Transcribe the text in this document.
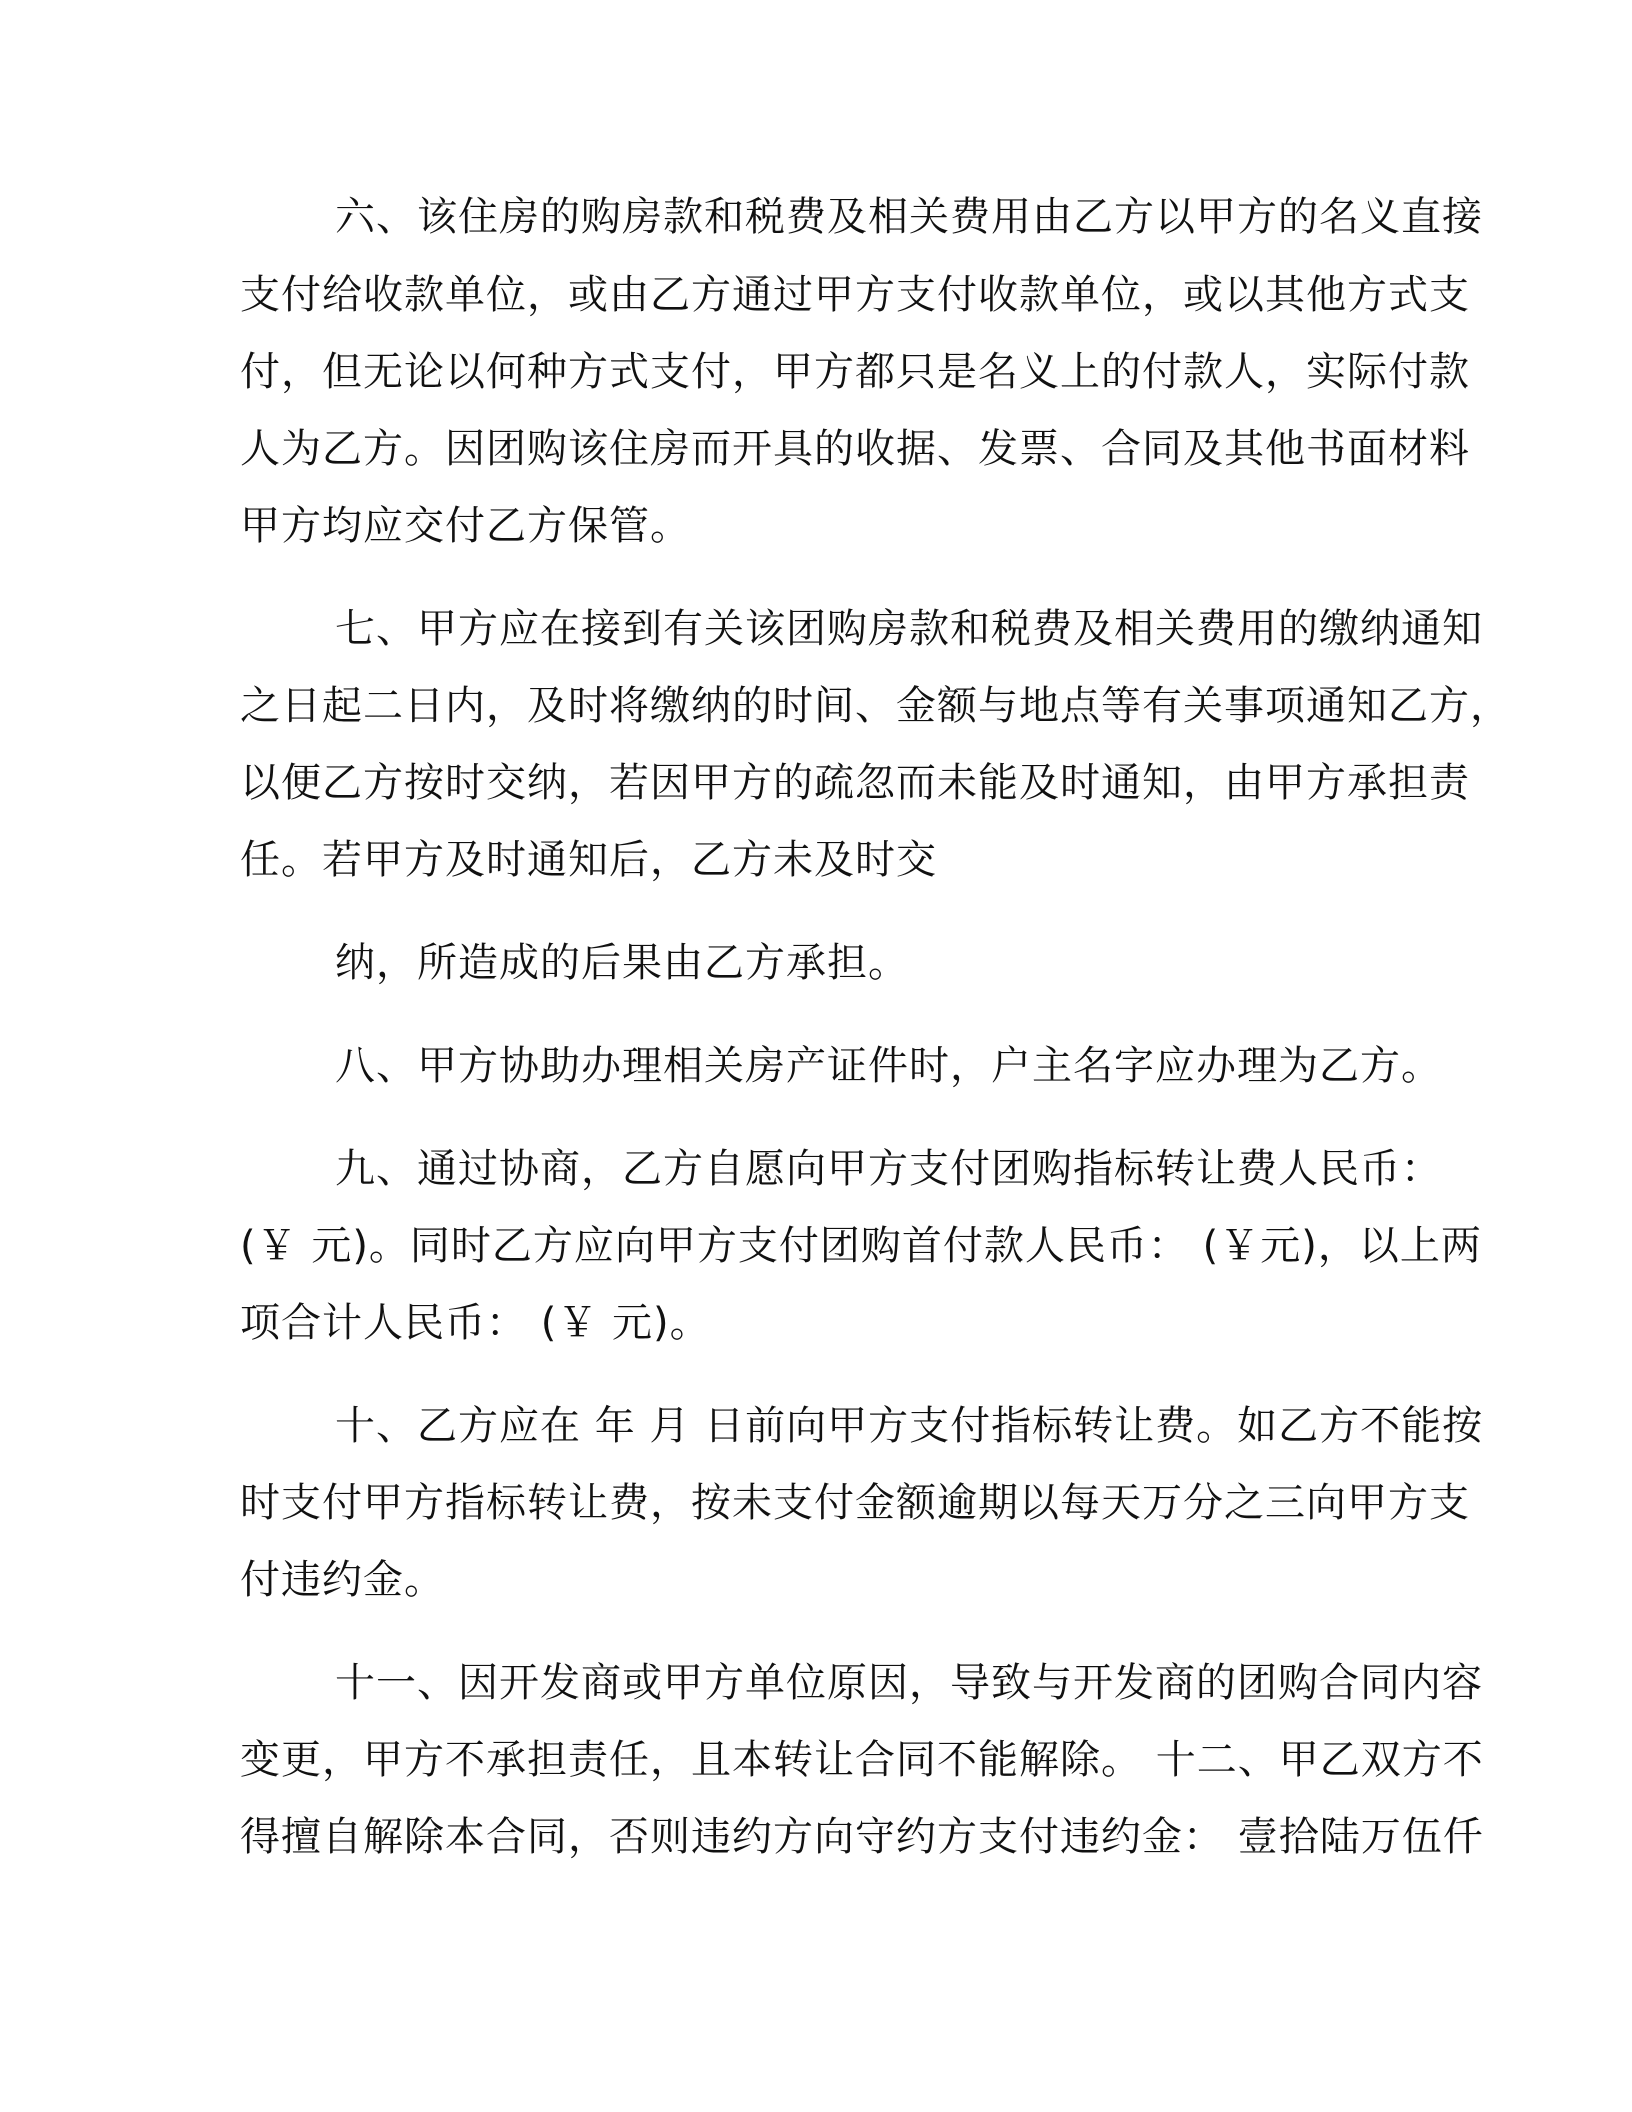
六、该住房的购房款和税费及相关费用由乙方以甲方的名义直接
支付给收款单位，或由乙方通过甲方支付收款单位，或以其他方式支
付，但无论以何种方式支付，甲方都只是名义上的付款人，实际付款
人为乙方。因团购该住房而开具的收据、发票、合同及其他书面材料
甲方均应交付乙方保管。
七、甲方应在接到有关该团购房款和税费及相关费用的缴纳通知
之日起二日内，及时将缴纳的时间、金额与地点等有关事项通知乙方，
以便乙方按时交纳，若因甲方的疏忽而未能及时通知，由甲方承担责
任。若甲方及时通知后，乙方未及时交
纳，所造成的后果由乙方承担。
八、甲方协助办理相关房产证件时，户主名字应办理为乙方。
九、通过协商，乙方自愿向甲方支付团购指标转让费人民币：
(￥ 元)。同时乙方应向甲方支付团购首付款人民币： (￥元)，以上两
项合计人民币： (￥ 元)。
十、乙方应在 年 月 日前向甲方支付指标转让费。如乙方不能按
时支付甲方指标转让费，按未支付金额逾期以每天万分之三向甲方支
付违约金。
十一、因开发商或甲方单位原因，导致与开发商的团购合同内容
变更，甲方不承担责任，且本转让合同不能解除。 十二、甲乙双方不
得擅自解除本合同，否则违约方向守约方支付违约金： 壹拾陆万伍仟
